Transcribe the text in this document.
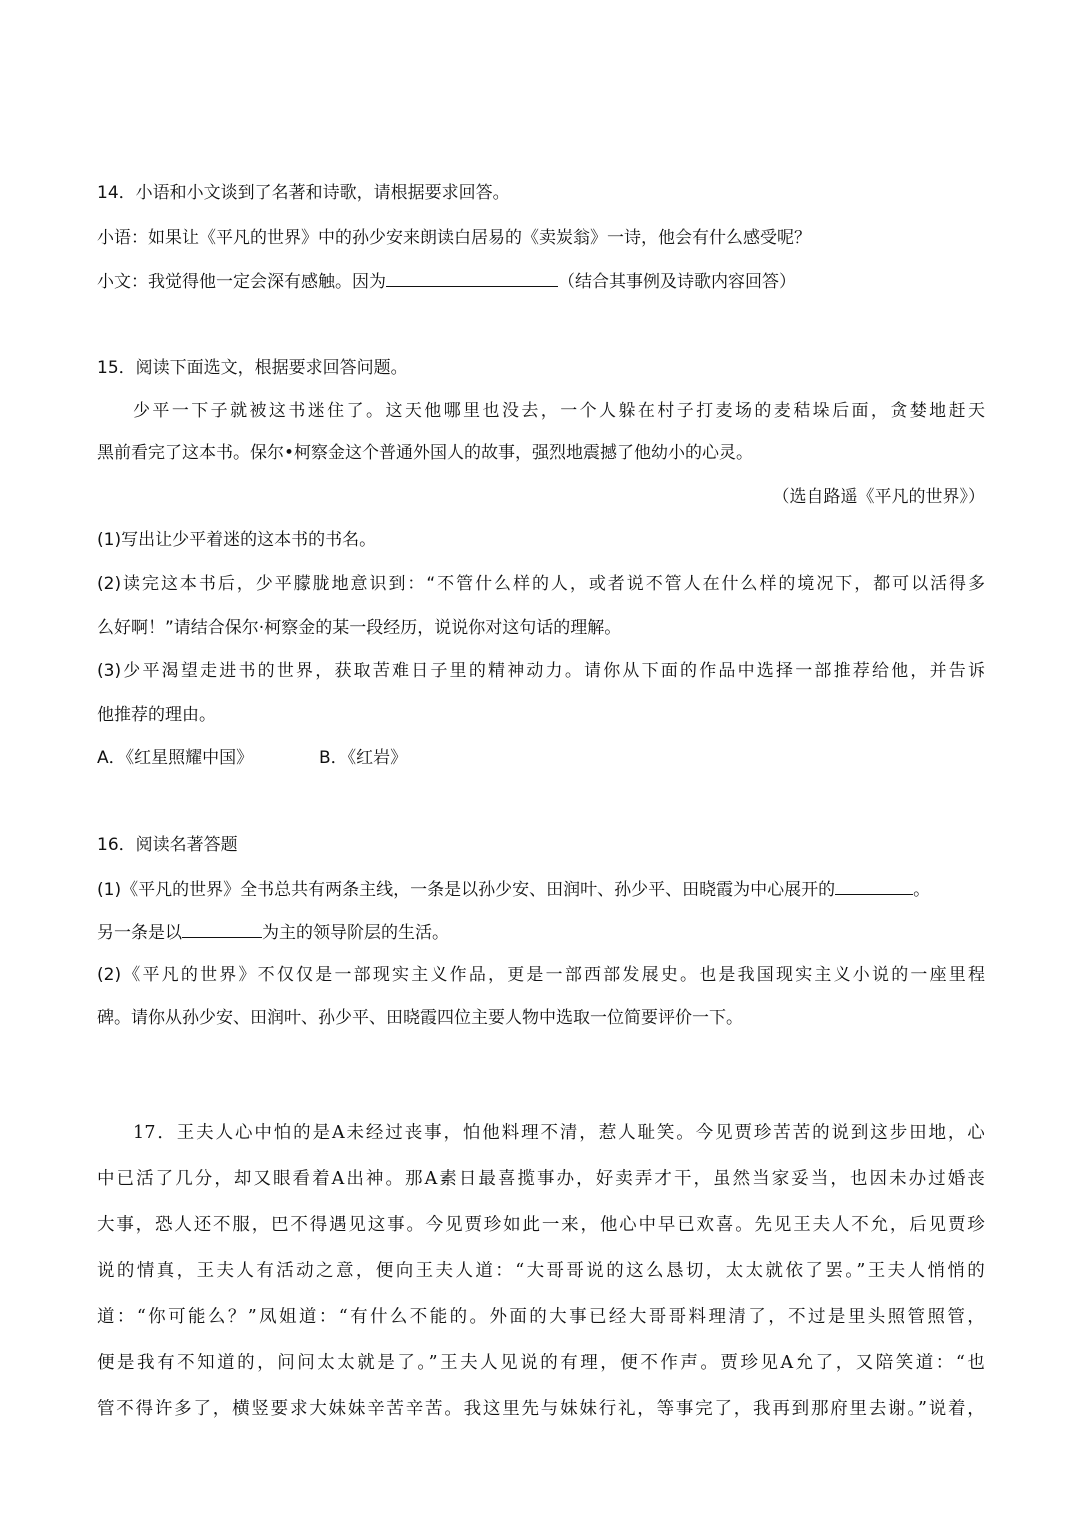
14．小语和小文谈到了名著和诗歌，请根据要求回答。
小语：如果让《平凡的世界》中的孙少安来朗读白居易的《卖炭翁》一诗，他会有什么感受呢？
小文：我觉得他一定会深有感触。因为	（结合其事例及诗歌内容回答）
15．阅读下面选文，根据要求回答问题。
少平一下子就被这书迷住了。这天他哪里也没去，一个人躲在村子打麦场的麦秸垛后面，贪婪地赶天
黑前看完了这本书。保尔•柯察金这个普通外国人的故事，强烈地震撼了他幼小的心灵。
（选自路遥《平凡的世界》）
(1)写出让少平着迷的这本书的书名。
(2)读完这本书后，少平朦胧地意识到：“不管什么样的人，或者说不管人在什么样的境况下，都可以活得多
么好啊！”请结合保尔·柯察金的某一段经历，说说你对这句话的理解。
(3)少平渴望走进书的世界，获取苦难日子里的精神动力。请你从下面的作品中选择一部推荐给他，并告诉
他推荐的理由。
A．《红星照耀中国》	B．《红岩》
16．阅读名著答题
(1)《平凡的世界》全书总共有两条主线，一条是以孙少安、田润叶、孙少平、田晓霞为中心展开的	。
另一条是以	为主的领导阶层的生活。
(2)《平凡的世界》不仅仅是一部现实主义作品，更是一部西部发展史。也是我国现实主义小说的一座里程
碑。请你从孙少安、田润叶、孙少平、田晓霞四位主要人物中选取一位简要评价一下。
17．王夫人心中怕的是A未经过丧事，怕他料理不清，惹人耻笑。今见贾珍苦苦的说到这步田地，心
中已活了几分，却又眼看着A出神。那A素日最喜揽事办，好卖弄才干，虽然当家妥当，也因未办过婚丧
大事，恐人还不服，巴不得遇见这事。今见贾珍如此一来，他心中早已欢喜。先见王夫人不允，后见贾珍
说的情真，王夫人有活动之意，便向王夫人道：“大哥哥说的这么恳切，太太就依了罢。”王夫人悄悄的
道：“你可能么？”凤姐道：“有什么不能的。外面的大事已经大哥哥料理清了，不过是里头照管照管，
便是我有不知道的，问问太太就是了。”王夫人见说的有理，便不作声。贾珍见A允了，又陪笑道：“也
管不得许多了，横竖要求大妹妹辛苦辛苦。我这里先与妹妹行礼，等事完了，我再到那府里去谢。”说着，
